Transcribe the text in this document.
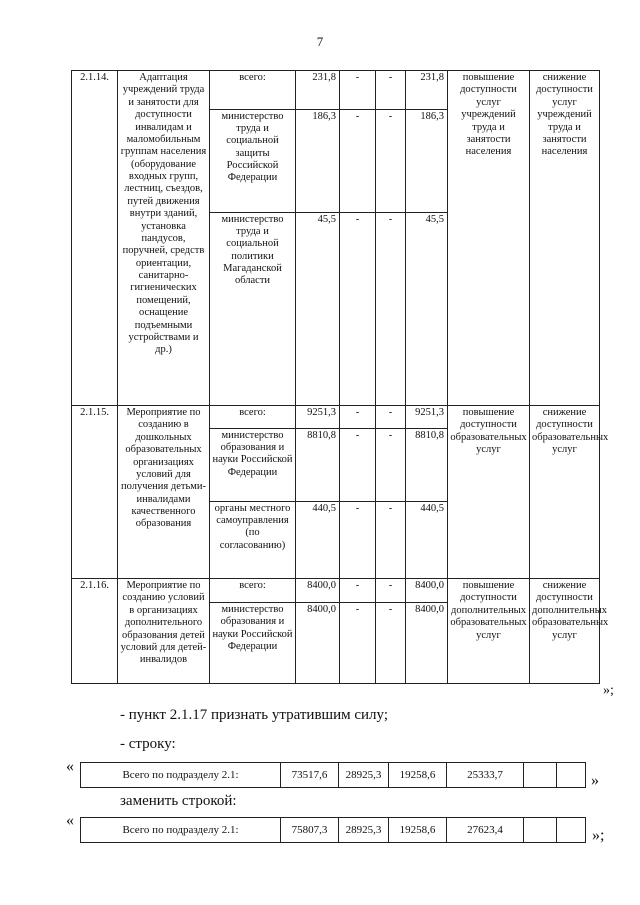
7
2.1.14.	Адаптация учреждений труда и занятости для доступности инвалидам и маломобильным группам населения (оборудование входных групп, лестниц, съездов, путей движения внутри зданий, установка пандусов, поручней, средств ориентации, санитарно-гигиенических помещений, оснащение подъемными устройствами и др.)	всего:	231,8	-	-	231,8	повышение доступности услуг учреждений труда и занятости населения	снижение доступности услуг учреждений труда и занятости населения
		министерство труда и социальной защиты Российской Федерации	186,3	-	-	186,3		
		министерство труда и социальной политики Магаданской области	45,5	-	-	45,5		
2.1.15.	Мероприятие по созданию в дошкольных образовательных организациях условий для получения детьми-инвалидами качественного образования	всего:	9251,3	-	-	9251,3	повышение доступности образовательных услуг	снижение доступности образовательных услуг
		министерство образования и науки Российской Федерации	8810,8	-	-	8810,8		
		органы местного самоуправления (по согласованию)	440,5	-	-	440,5		
2.1.16.	Мероприятие по созданию условий в организациях дополнительного образования детей условий для детей-инвалидов	всего:	8400,0	-	-	8400,0	повышение доступности дополнительных образовательных услуг	снижение доступности дополнительных образовательных услуг
		министерство образования и науки Российской Федерации	8400,0	-	-	8400,0		
»;
- пункт 2.1.17 признать утратившим силу;
- строку:
«	Всего по подразделу 2.1:	73517,6	28925,3	19258,6	25333,7			»
заменить строкой:
«
Всего по подразделу 2.1:	75807,3	28925,3	19258,6	27623,4			»;
